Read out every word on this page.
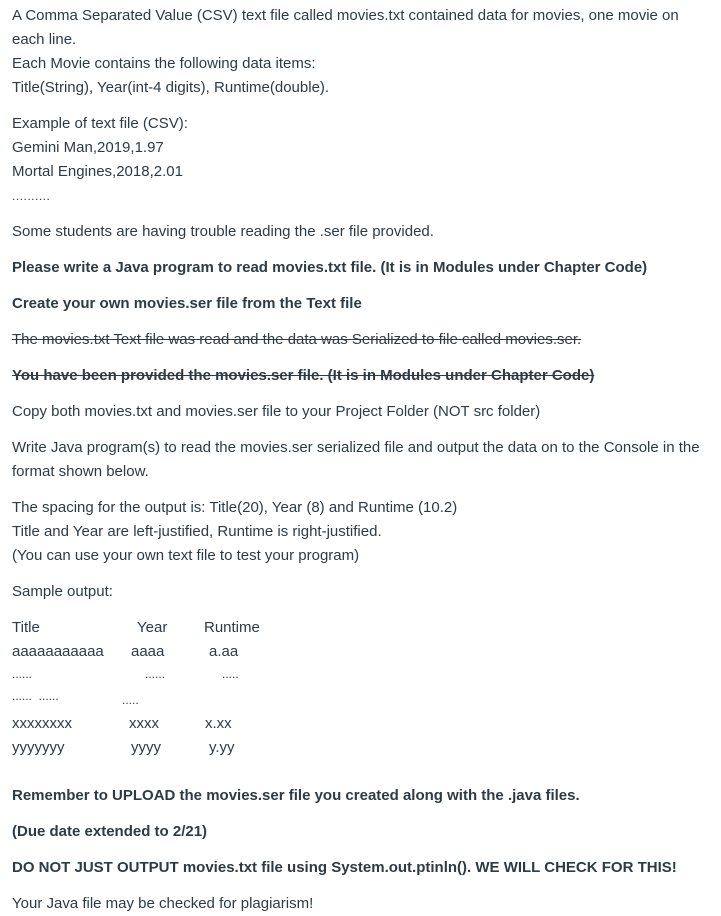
A Comma Separated Value (CSV) text file called movies.txt contained data for movies, one movie on each line.
Each Movie contains the following data items:
Title(String), Year(int-4 digits), Runtime(double).
Example of text file (CSV):
Gemini Man,2019,1.97
Mortal Engines,2018,2.01
..........
Some students are having trouble reading the .ser file provided.
Please write a Java program to read movies.txt file. (It is in Modules under Chapter Code)
Create your own movies.ser file from the Text file
The movies.txt Text file was read and the data was Serialized to file called movies.ser.
You have been provided the movies.ser file. (It is in Modules under Chapter Code)
Copy both movies.txt and movies.ser file to your Project Folder (NOT src folder)
Write Java program(s) to read the movies.ser serialized file and output the data on to the Console in the format shown below.
The spacing for the output is: Title(20), Year (8) and Runtime (10.2)
Title and Year are left-justified, Runtime is right-justified.
(You can use your own text file to test your program)
Sample output:
Title	Year Runtime
aaaaaaaaaaa aaaa	a.aa
......	......	.....
......  ......	.....
xxxxxxxx	xxxx	x.xx
yyyyyyy	yyyy	y.yy
Remember to UPLOAD the movies.ser file you created along with the .java files.
(Due date extended to 2/21)
DO NOT JUST OUTPUT movies.txt file using System.out.ptinln(). WE WILL CHECK FOR THIS!
Your Java file may be checked for plagiarism!
